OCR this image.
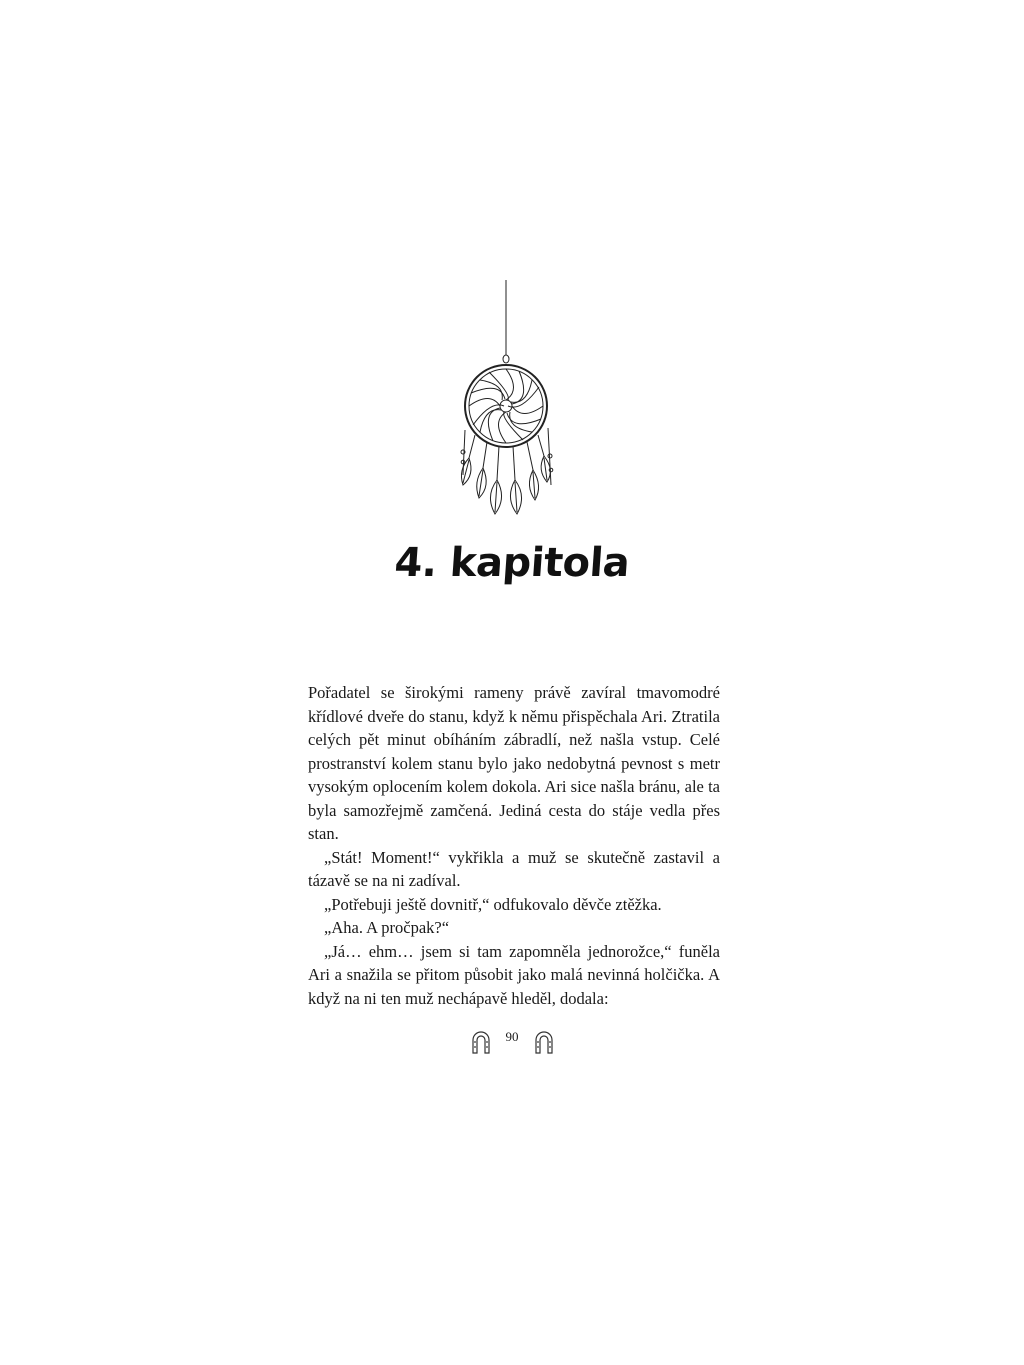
4. kapitola

Pořadatel se širokými rameny právě zavíral tmavomodré křídlové dveře do stanu, když k němu přispěchala Ari. Ztratila celých pět minut obíháním zábradlí, než našla vstup. Celé prostranství kolem stanu bylo jako nedobytná pevnost s metr vysokým oplocením kolem dokola. Ari sice našla bránu, ale ta byla samozřejmě zamčená. Jediná cesta do stáje vedla přes stan.

„Stát! Moment!“ vykřikla a muž se skutečně zastavil a tázavě se na ni zadíval.

„Potřebuji ještě dovnitř,“ odfukovalo děvče ztěžka.

„Aha. A pročpak?“

„Já… ehm… jsem si tam zapomněla jednorožce,“ funěla Ari a snažila se přitom působit jako malá nevinná holčička. A když na ni ten muž nechápavě hleděl, dodala:

90
